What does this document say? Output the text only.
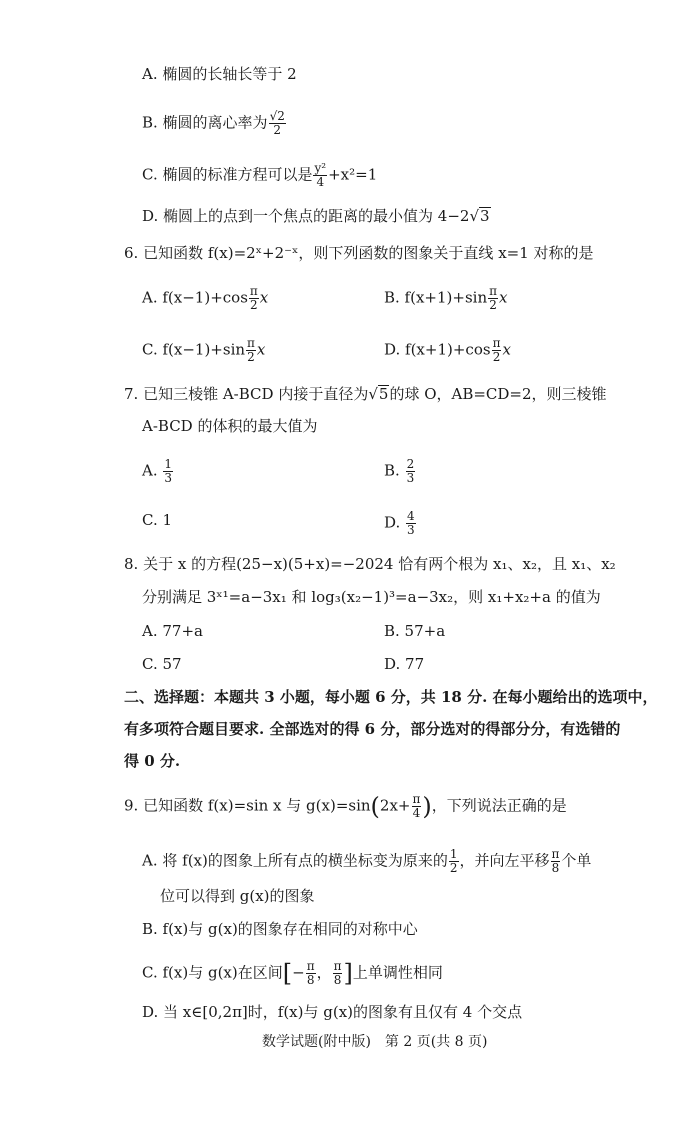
A. 椭圆的长轴长等于 2
B. 椭圆的离心率为 $\frac{√2}{2}$
C. 椭圆的标准方程可以是 $\frac{\text{y²}}{4} +x^2=1$
D. 椭圆上的点到一个焦点的距离的最小值为 4−2√3
6. 已知函数 f(x)=2ˣ+2⁻ˣ，则下列函数的图象关于直线 x=1 对称的是
A. $f(x-1)+\cos \frac{\pi}{2}$ x	B. $f(x+1)+\sin \frac{\pi}{2}$ x
C. $f(x-1)+\sin \frac{\pi}{2}$ x	D. $f(x+1)+\cos \frac{\pi}{2}$ x
7. 已知三棱锥 A‑BCD 内接于直径为√5的球 O，AB=CD=2，则三棱锥
A‑BCD 的体积的最大值为
A. $\frac{1}{3}$	B. $\frac{2}{3}$
C. 1	D. $\frac{4}{3}$
8. 关于 x 的方程(25−x)(5+x)=−2024 恰有两个根为 x₁、x₂，且 x₁、x₂
分别满足 3ˣ¹=a−3x₁ 和 log₃(x₂−1)³=a−3x₂，则 x₁+x₂+a 的值为
A. 77+a	B. 57+a
C. 57	D. 77
二、选择题：本题共 3 小题，每小题 6 分，共 18 分. 在每小题给出的选项中，
有多项符合题目要求. 全部选对的得 6 分，部分选对的得部分分，有选错的
得 0 分.
9. 已知函数 f(x)=sin x 与 $g(x)=\sin(2x+ \frac{\pi}{4}$ )，下列说法正确的是
A. 将 f(x)的图象上所有点的横坐标变为原来的 $\frac{1}{2}$ ，并向左平移 $\frac{\pi}{8}$ 个单
位可以得到 g(x)的图象
B. f(x)与 g(x)的图象存在相同的对称中心
C. f(x)与 g(x)在区间[− $\frac{\pi}{8}$ ， $\frac{\pi}{8}$ ]上单调性相同
D. 当 x∈[0,2π]时，f(x)与 g(x)的图象有且仅有 4 个交点
数学试题(附中版)　第 2 页(共 8 页)
